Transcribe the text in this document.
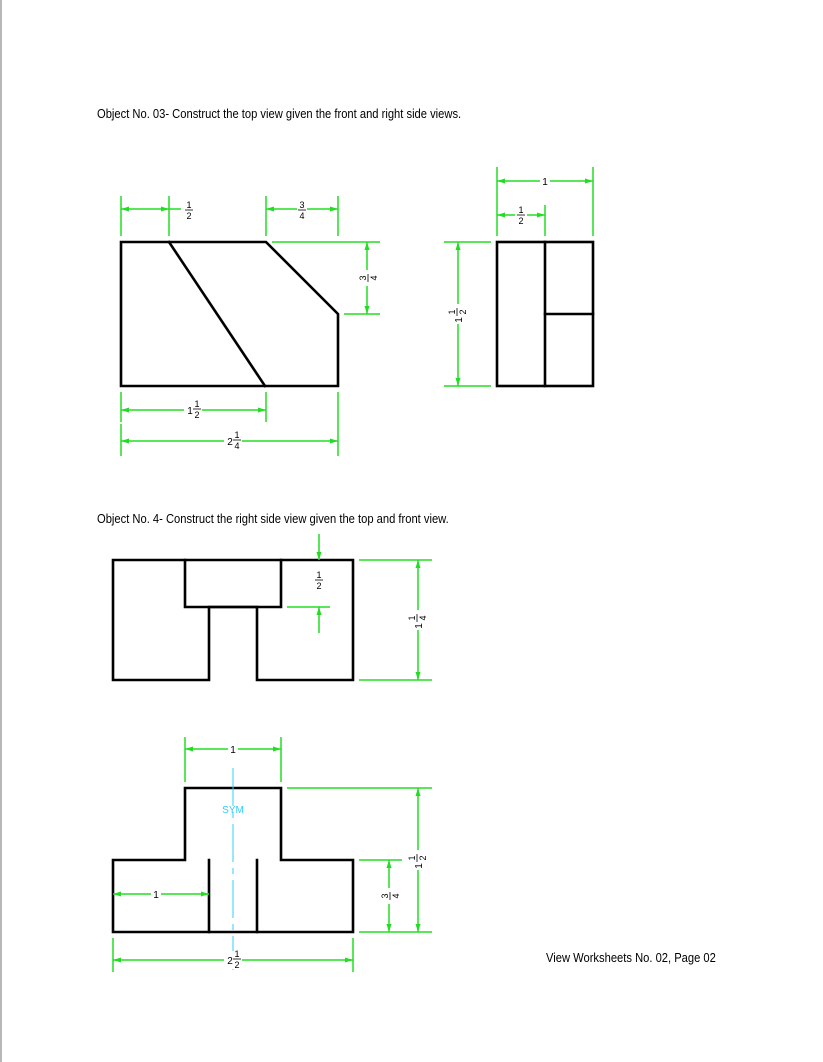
Object No. 03- Construct the top view given the front and right side views.
Object No. 4- Construct the right side view given the top and front view.
View Worksheets No. 02, Page 02
1
2
3
4
3 4
1
1
2
2
1
4
1
1
2
1
1 2
1
2
1
1 4
SYM
1
1
2
1
2
3 4
1
1 2
